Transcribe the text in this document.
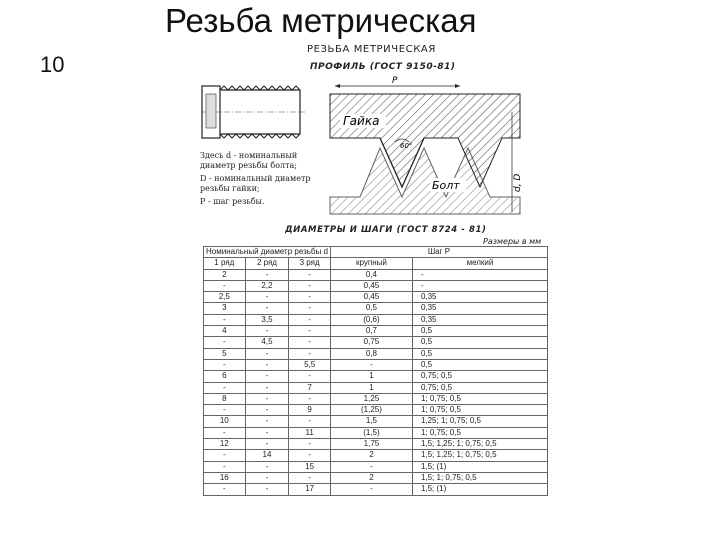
Резьба метрическая
10
РЕЗЬБА МЕТРИЧЕСКАЯ
ПРОФИЛЬ (ГОСТ 9150-81)
P
Гайка
60°
Болт	d, D

Здесь d - номинальный диаметр резьбы болта;

D - номинальный диаметр резьбы гайки;

P - шаг резьбы.

ДИАМЕТРЫ И ШАГИ (ГОСТ 8724 - 81)
Размеры в мм
Номинальный диаметр резьбы d			Шаг P	
1 ряд	2 ряд	3 ряд	крупный	мелкий
2	-	-	0,4	-
-	2,2	-	0,45	-
2,5	-	-	0,45	0,35
3	-	-	0,5	0,35
-	3,5	-	(0,6)	0,35
4	-	-	0,7	0,5
-	4,5	-	0,75	0,5
5	-	-	0,8	0,5
-	-	5,5	-	0,5
6	-	-	1	0,75; 0,5
-	-	7	1	0,75; 0,5
8	-	-	1,25	1; 0,75; 0,5
-	-	9	(1,25)	1; 0,75; 0,5
10	-	-	1,5	1,25; 1; 0,75; 0,5
-	-	11	(1,5)	1; 0,75; 0,5
12	-	-	1,75	1,5; 1,25; 1; 0,75; 0,5
-	14	-	2	1,5; 1,25; 1; 0,75; 0,5
-	-	15	-	1,5; (1)
16	-	-	2	1,5; 1; 0,75; 0,5
-	-	17	-	1,5; (1)
